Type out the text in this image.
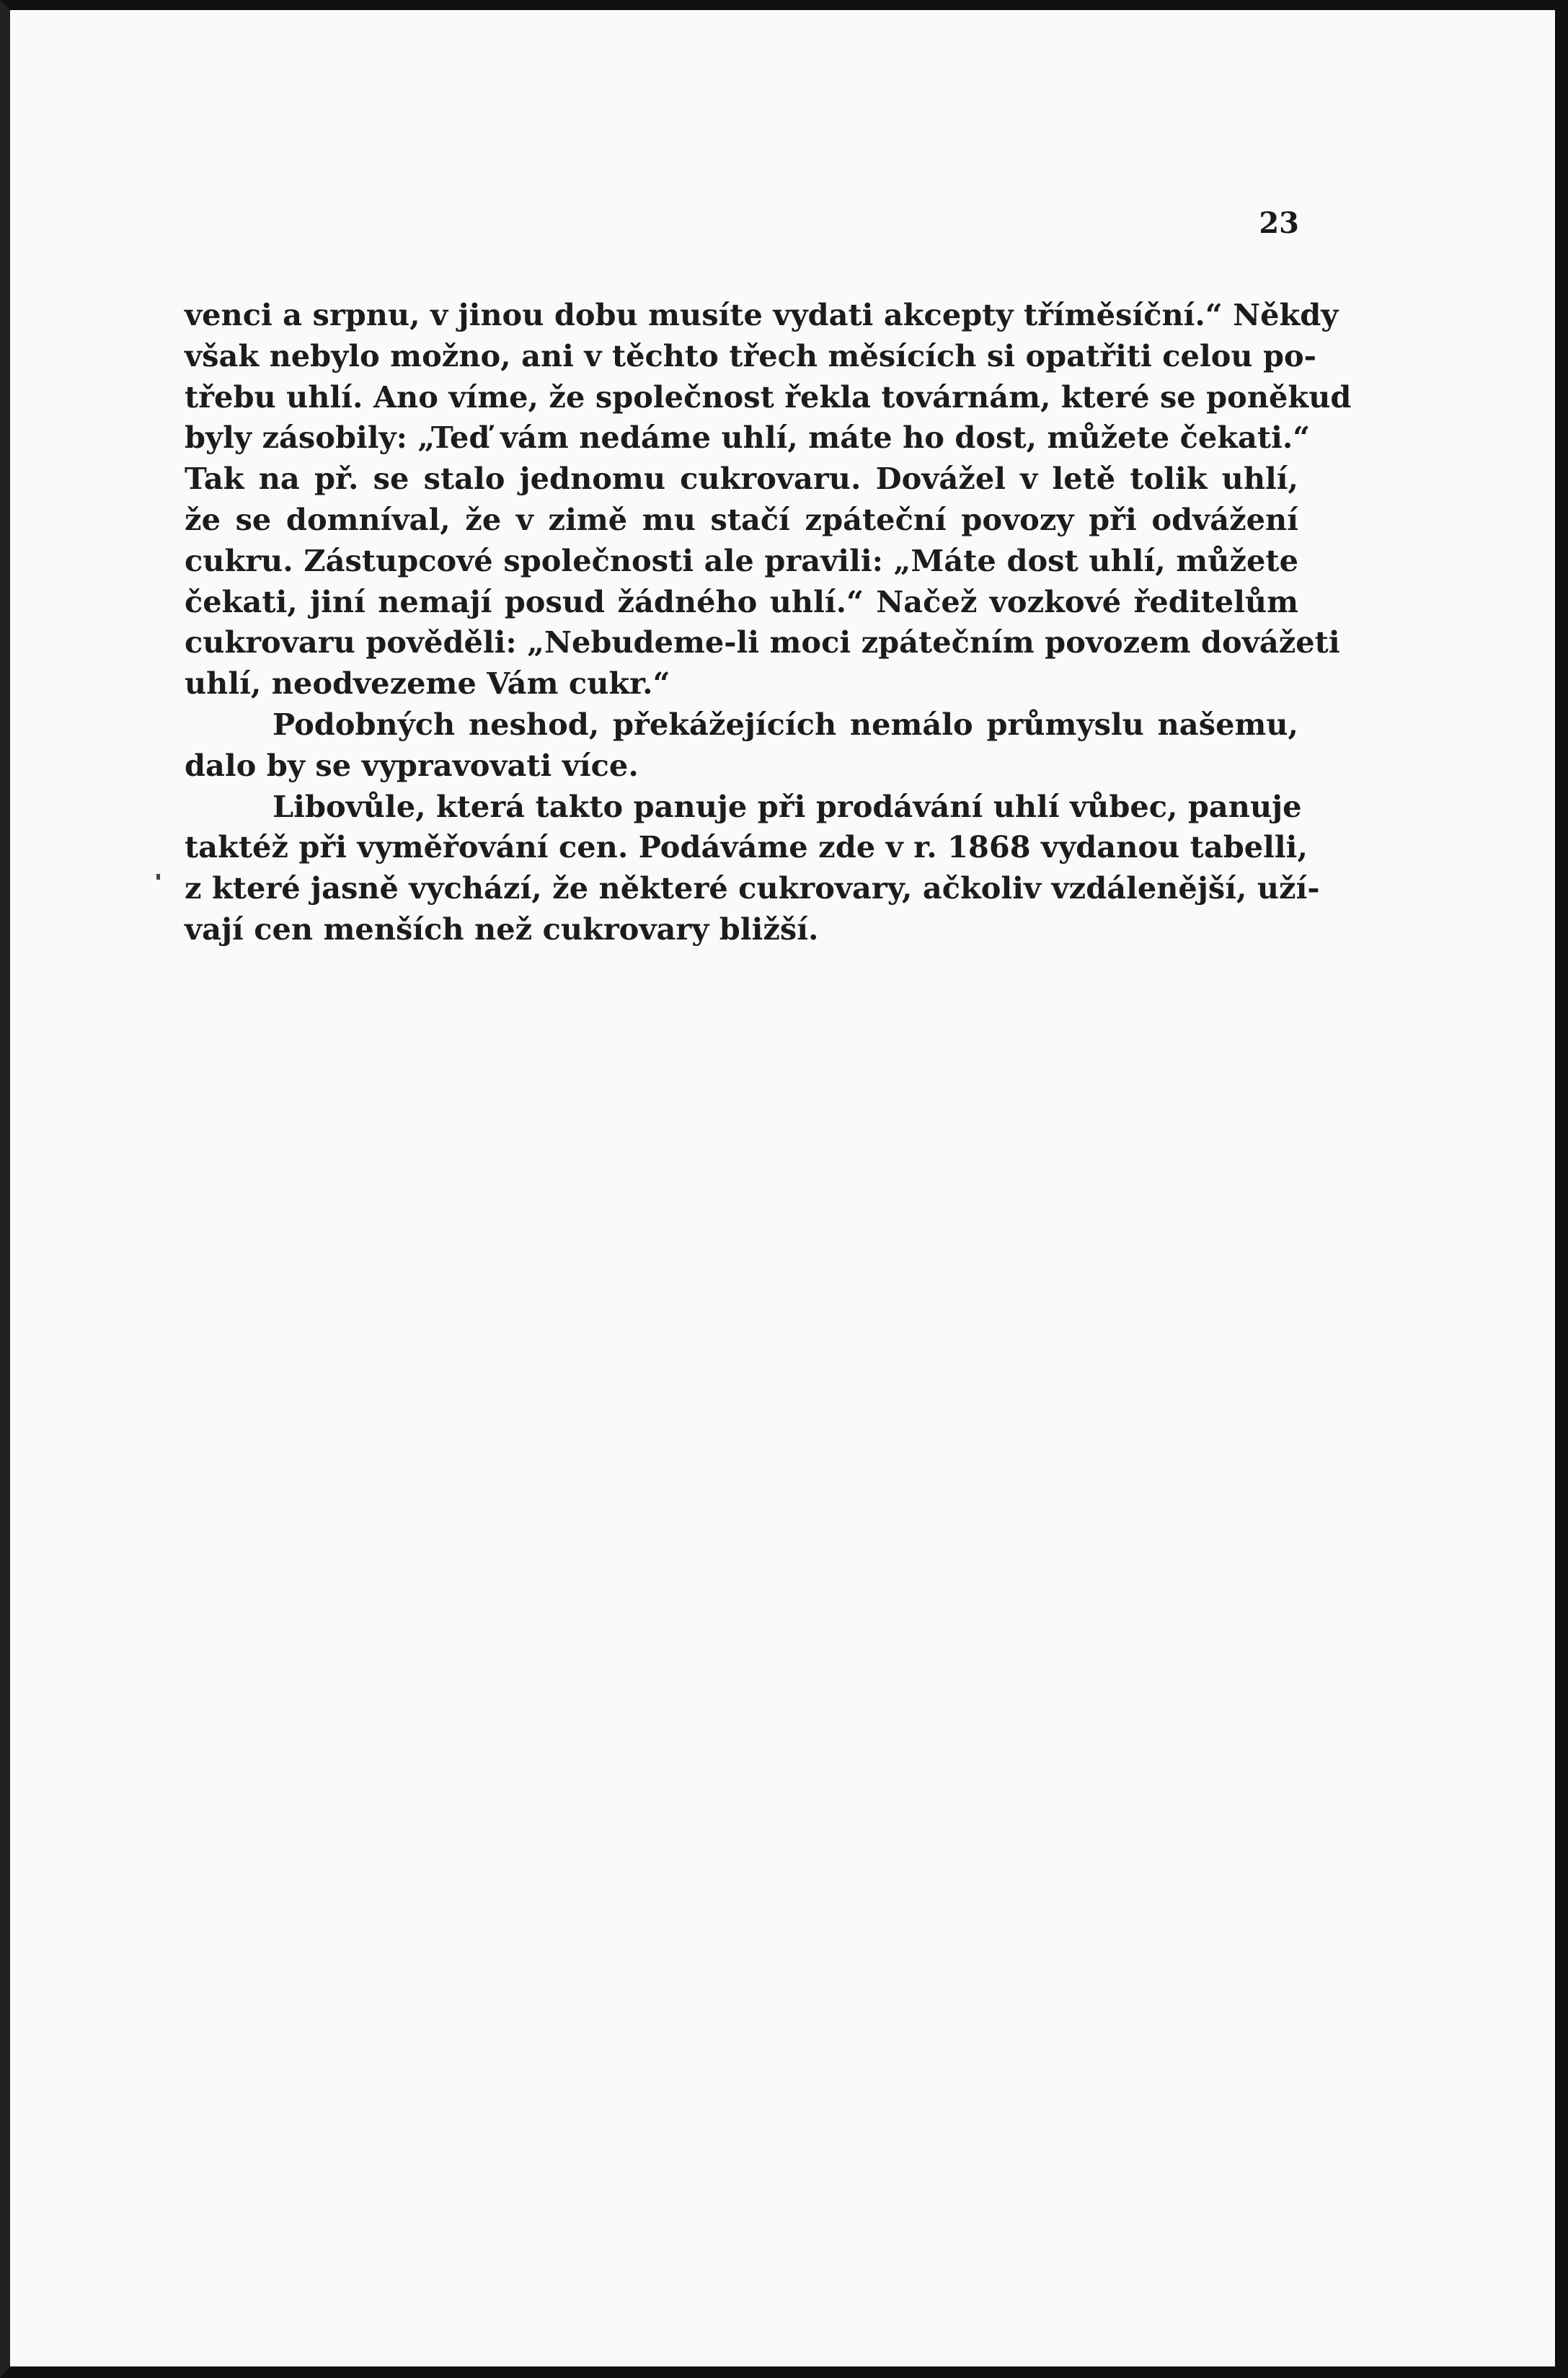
23
venci a srpnu, v jinou dobu musíte vydati akcepty tříměsíční.“ Někdy
však nebylo možno, ani v těchto třech měsících si opatřiti celou po-
třebu uhlí. Ano víme, že společnost řekla továrnám, které se poněkud
byly zásobily: „Teď vám nedáme uhlí, máte ho dost, můžete čekati.“
Tak na př. se stalo jednomu cukrovaru. Dovážel v letě tolik uhlí,
že se domníval, že v zimě mu stačí zpáteční povozy při odvážení
cukru. Zástupcové společnosti ale pravili: „Máte dost uhlí, můžete
čekati, jiní nemají posud žádného uhlí.“ Načež vozkové ředitelům
cukrovaru pověděli: „Nebudeme-li moci zpátečním povozem dovážeti
uhlí, neodvezeme Vám cukr.“
Podobných neshod, překážejících nemálo průmyslu našemu,
dalo by se vypravovati více.
Libovůle, která takto panuje při prodávání uhlí vůbec, panuje
taktéž při vyměřování cen. Podáváme zde v r. 1868 vydanou tabelli,
z které jasně vychází, že některé cukrovary, ačkoliv vzdálenější, uží-
vají cen menších než cukrovary bližší.
